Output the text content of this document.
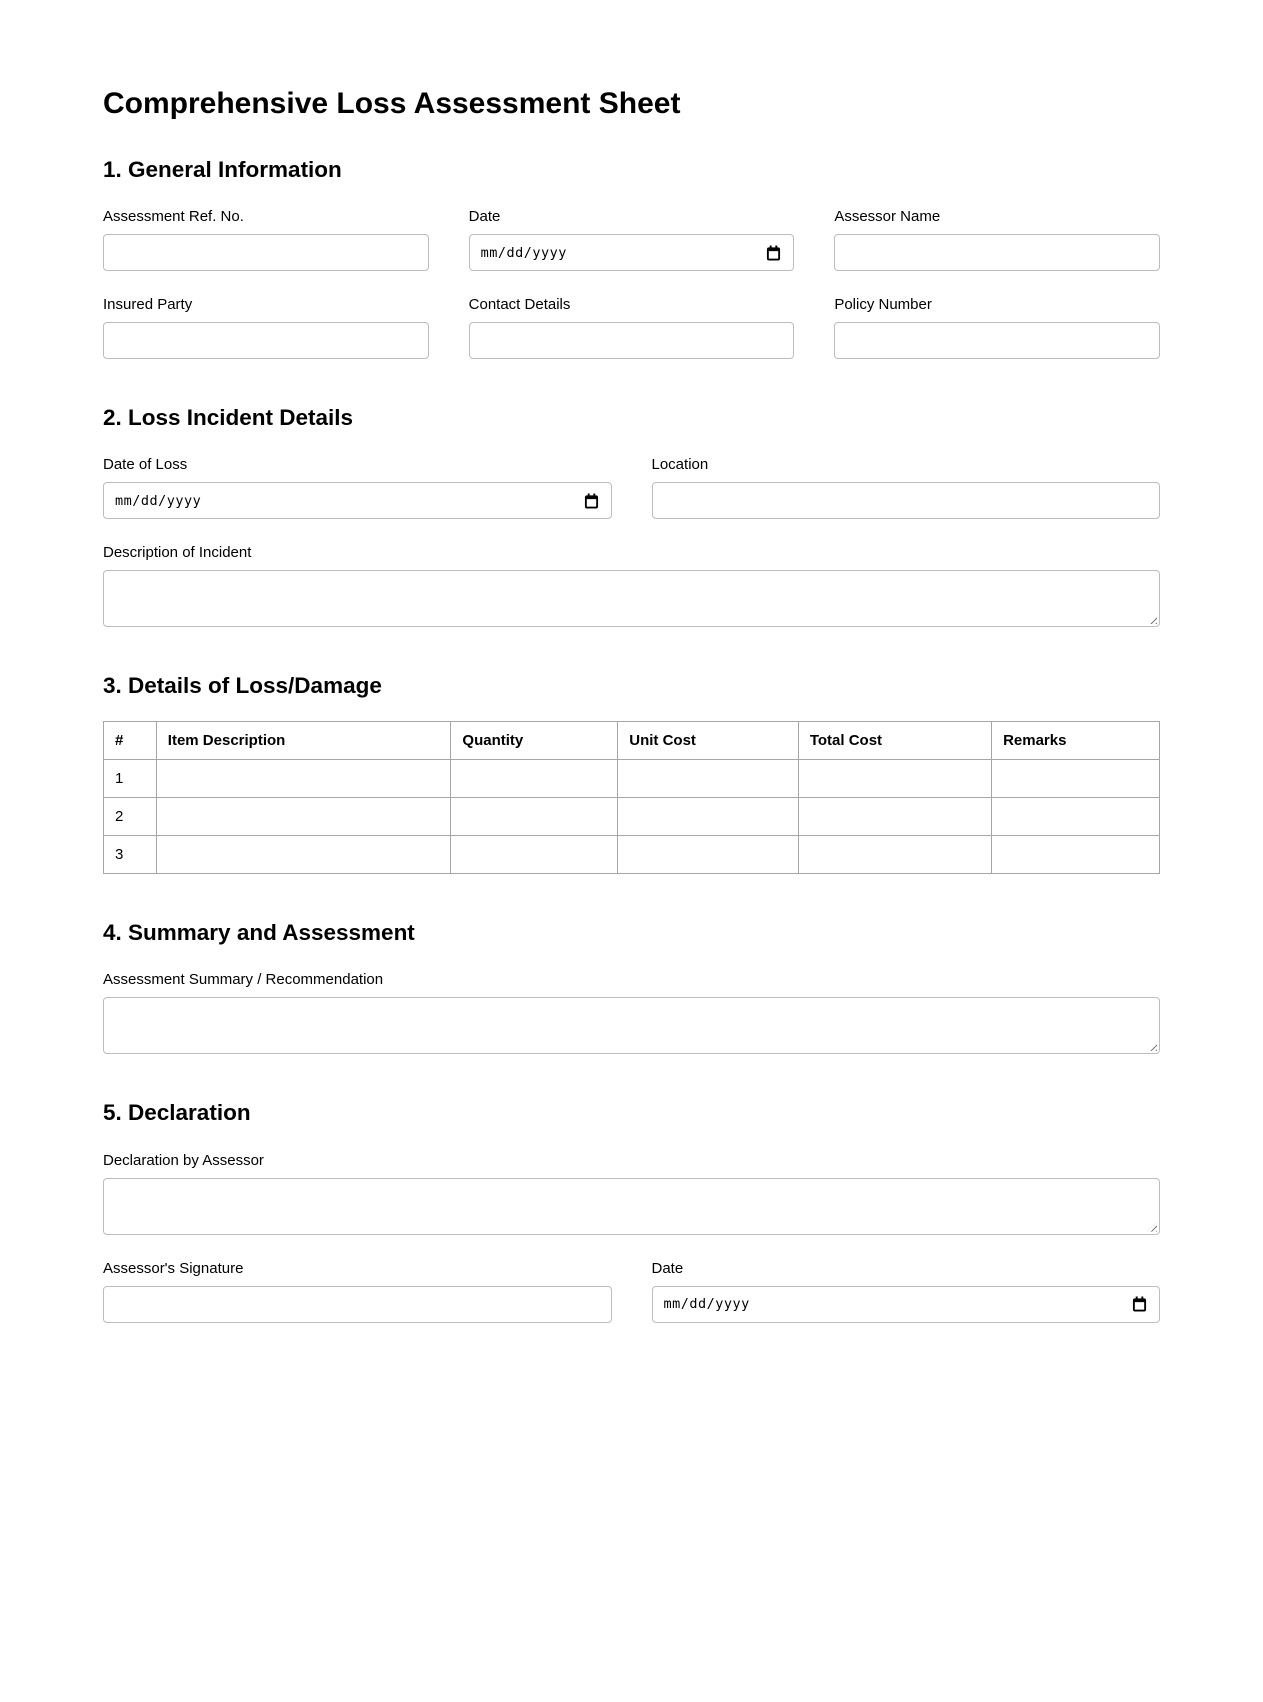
Comprehensive Loss Assessment Sheet
1. General Information
Assessment Ref. No.	Date
mm/dd/yyyy
Assessor Name
Insured Party	Contact Details	Policy Number
2. Loss Incident Details
Date of Loss
mm/dd/yyyy
Location
Description of Incident
3. Details of Loss/Damage
#	Item Description	Quantity	Unit Cost	Total Cost	Remarks
1					
2					
3					
4. Summary and Assessment
Assessment Summary / Recommendation
5. Declaration
Declaration by Assessor
Assessor's Signature	Date
mm/dd/yyyy
